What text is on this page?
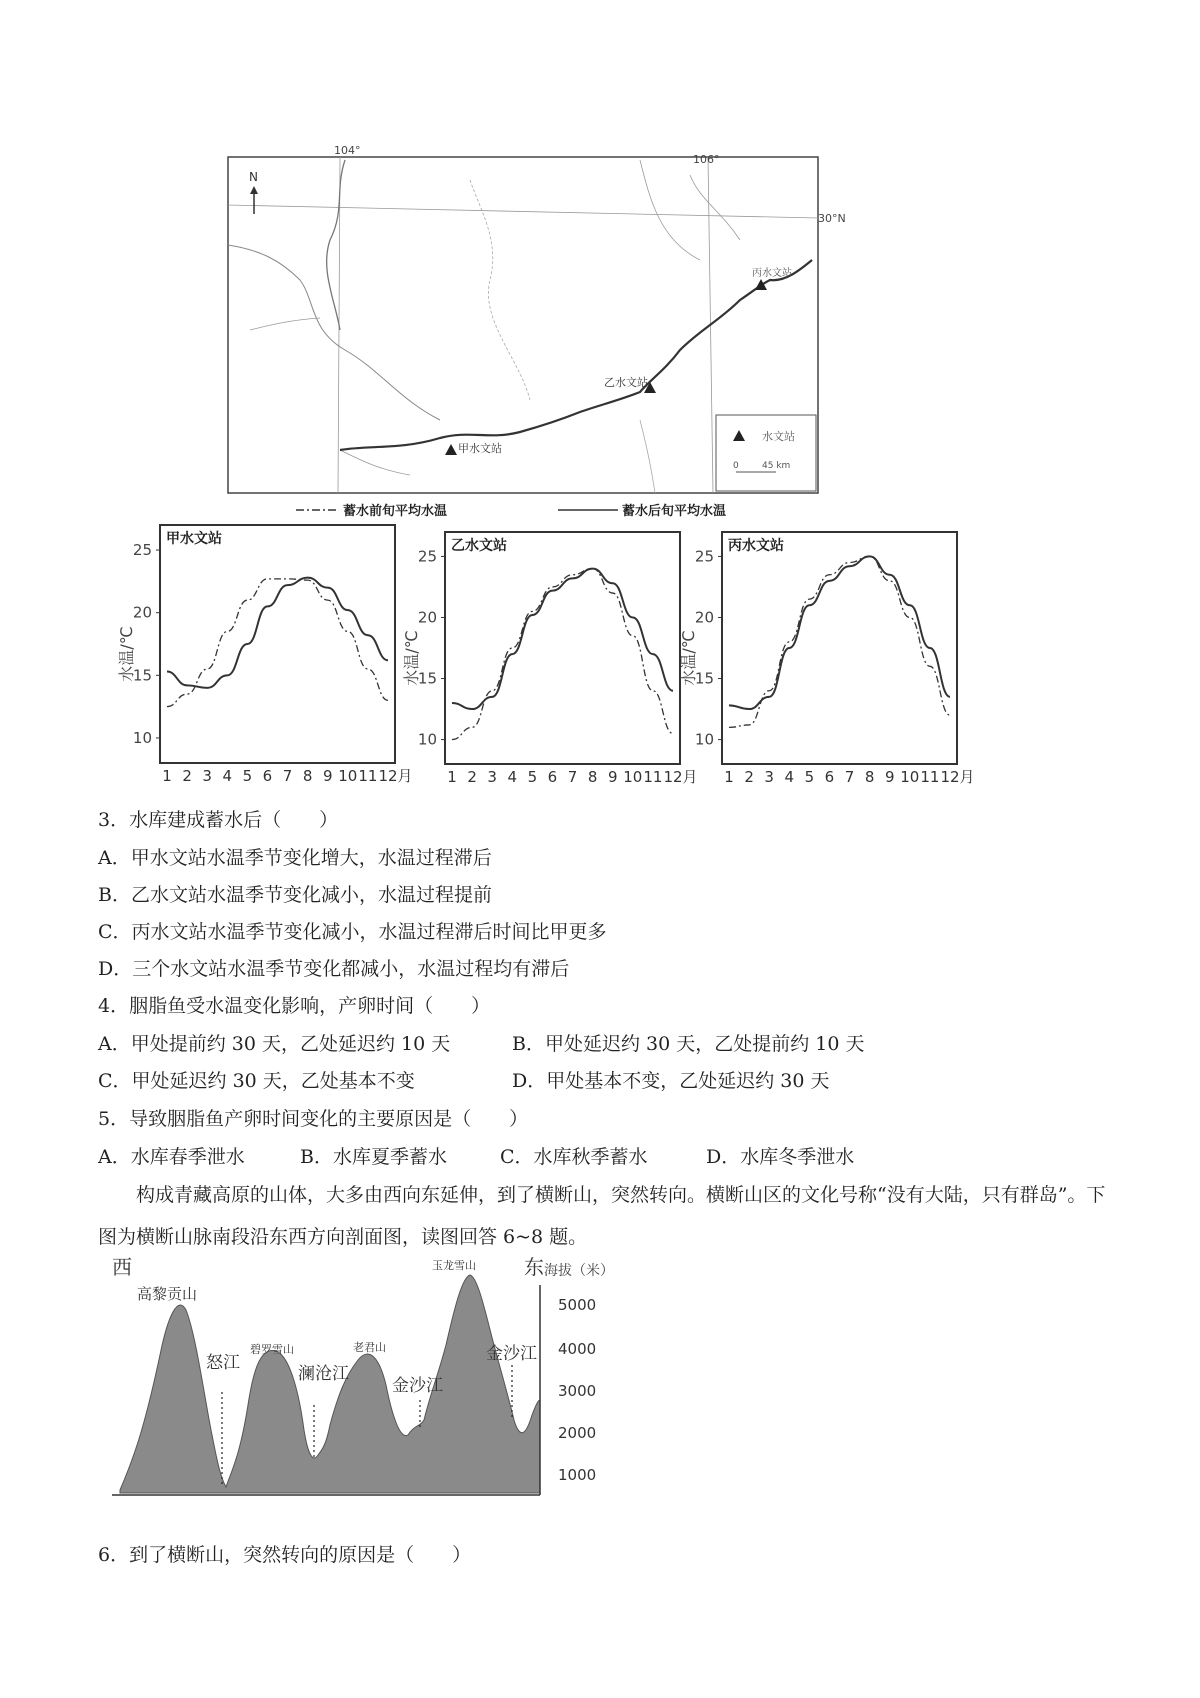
104°
106°
30°N
N
甲水文站
乙水文站
丙水文站
水文站
0	45 km
蓄水前旬平均水温	蓄水后旬平均水温
甲水文站
10
15
20
25
水温/℃
1 2 3 4 5 6 7 8 9 10 11 12 月
乙水文站
10
15
20
25
水温/℃
1 2 3 4 5 6 7 8 9 10 11 12 月
丙水文站
10
15
20
25
水温/℃
1 2 3 4 5 6 7 8 9 10 11 12 月
3．水库建成蓄水后（　　）
A．甲水文站水温季节变化增大，水温过程滞后
B．乙水文站水温季节变化减小，水温过程提前
C．丙水文站水温季节变化减小，水温过程滞后时间比甲更多
D．三个水文站水温季节变化都减小，水温过程均有滞后
4．胭脂鱼受水温变化影响，产卵时间（　　）
A．甲处提前约 30 天，乙处延迟约 10 天	B．甲处延迟约 30 天，乙处提前约 10 天
C．甲处延迟约 30 天，乙处基本不变	D．甲处基本不变，乙处延迟约 30 天
5．导致胭脂鱼产卵时间变化的主要原因是（　　）
A．水库春季泄水	B．水库夏季蓄水	C．水库秋季蓄水	D．水库冬季泄水
构成青藏高原的山体，大多由西向东延伸，到了横断山，突然转向。横断山区的文化号称“没有大陆，只有群岛”。下图为横断山脉南段沿东西方向剖面图，读图回答 6~8 题。
西	东 海拔（米）
5000
4000
3000
2000
1000
高黎贡山
怒江
碧罗雪山
澜沧江
老君山
金沙江
玉龙雪山
金沙江
6．到了横断山，突然转向的原因是（　　）
